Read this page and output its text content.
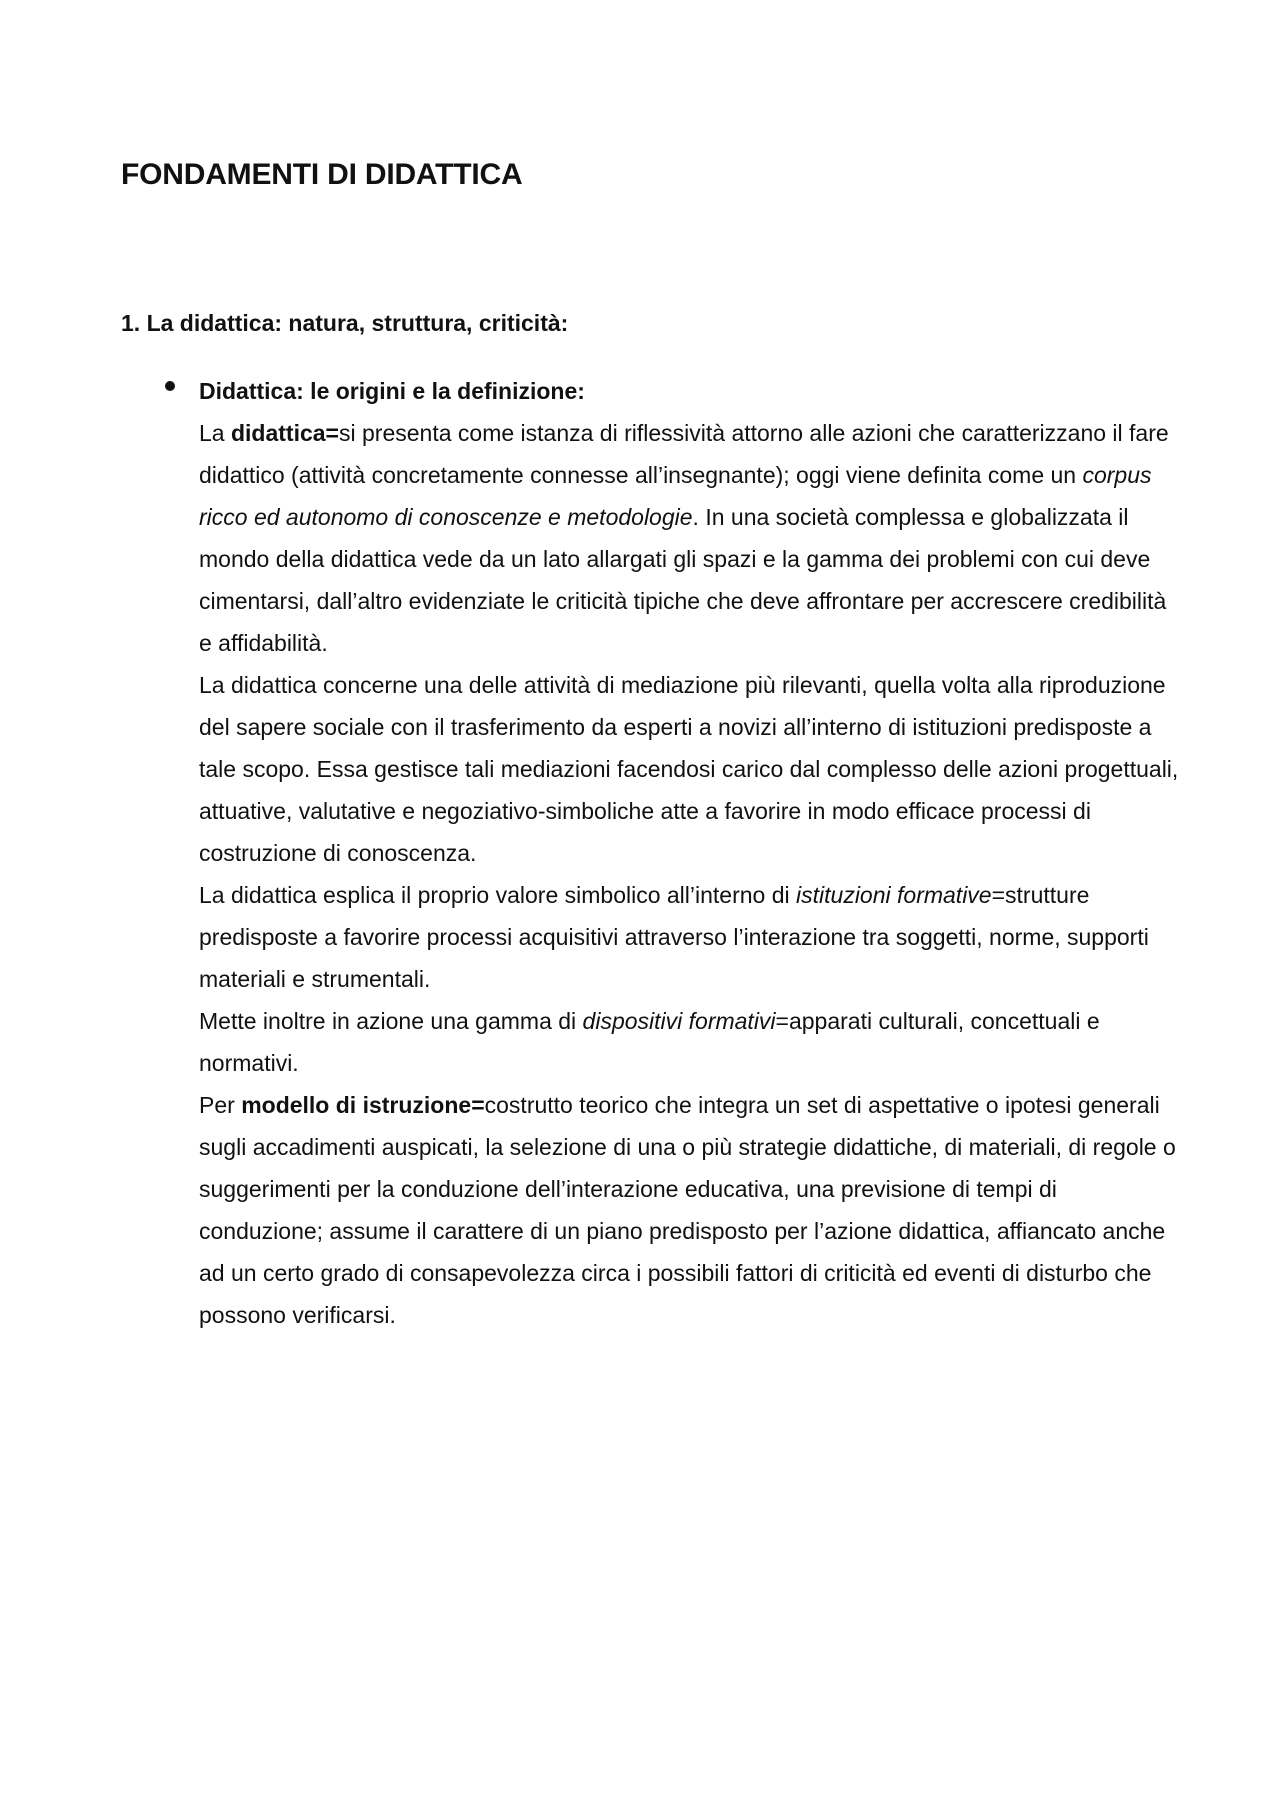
FONDAMENTI DI DIDATTICA
1. La didattica: natura, struttura, criticità:

Didattica: le origini e la definizione:

La didattica=si presenta come istanza di riflessività attorno alle azioni che caratterizzano il fare didattico (attività concretamente connesse all’insegnante); oggi viene definita come un corpus ricco ed autonomo di conoscenze e metodologie. In una società complessa e globalizzata il mondo della didattica vede da un lato allargati gli spazi e la gamma dei problemi con cui deve cimentarsi, dall’altro evidenziate le criticità tipiche che deve affrontare per accrescere credibilità e affidabilità.

La didattica concerne una delle attività di mediazione più rilevanti, quella volta alla riproduzione del sapere sociale con il trasferimento da esperti a novizi all’interno di istituzioni predisposte a tale scopo. Essa gestisce tali mediazioni facendosi carico dal complesso delle azioni progettuali, attuative, valutative e negoziativo-simboliche atte a favorire in modo efficace processi di costruzione di conoscenza.

La didattica esplica il proprio valore simbolico all’interno di istituzioni formative=strutture predisposte a favorire processi acquisitivi attraverso l’interazione tra soggetti, norme, supporti materiali e strumentali.

Mette inoltre in azione una gamma di dispositivi formativi=apparati culturali, concettuali e normativi.

Per modello di istruzione=costrutto teorico che integra un set di aspettative o ipotesi generali sugli accadimenti auspicati, la selezione di una o più strategie didattiche, di materiali, di regole o suggerimenti per la conduzione dell’interazione educativa, una previsione di tempi di conduzione; assume il carattere di un piano predisposto per l’azione didattica, affiancato anche ad un certo grado di consapevolezza circa i possibili fattori di criticità ed eventi di disturbo che possono verificarsi.
